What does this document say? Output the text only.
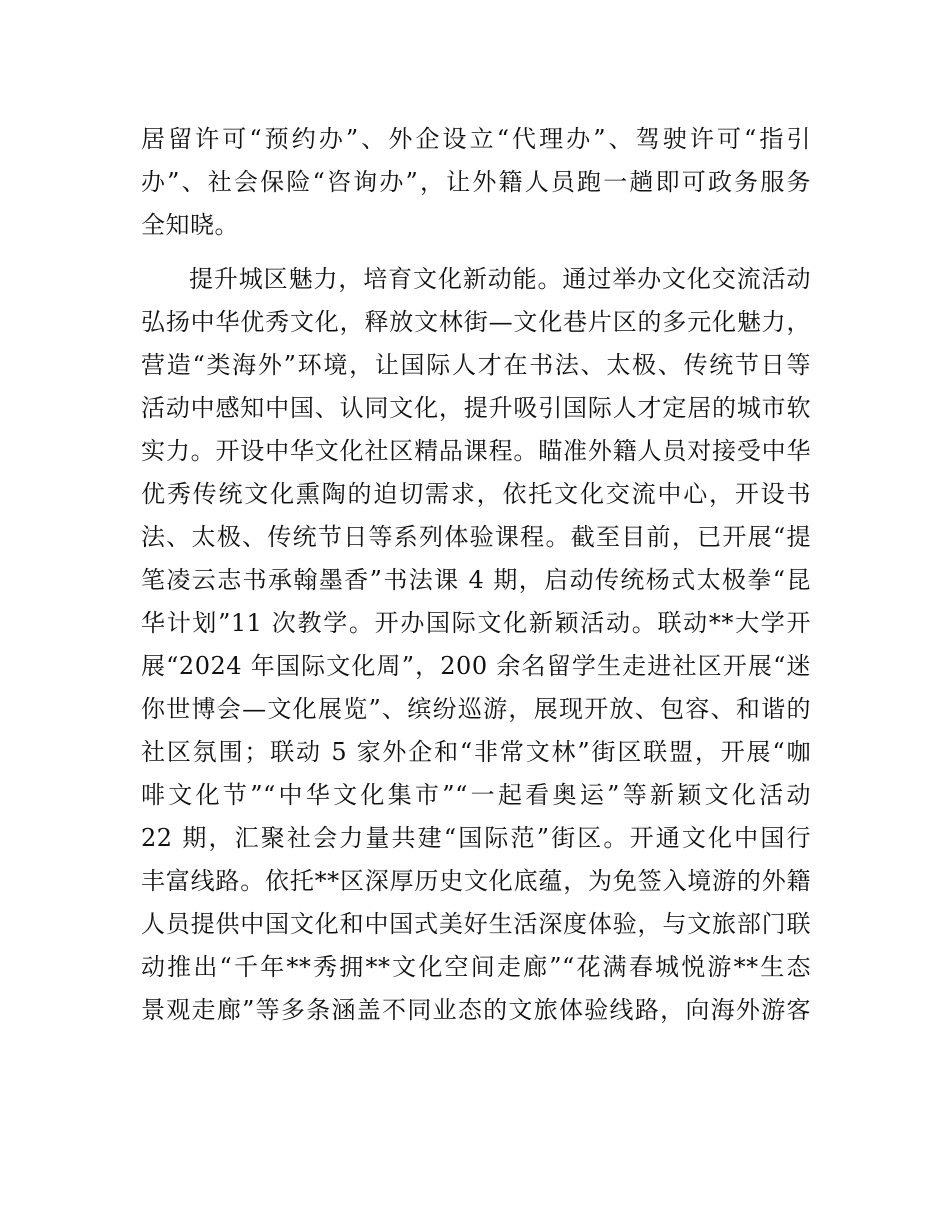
居留许可“预约办”、外企设立“代理办”、驾驶许可“指引
办”、社会保险“咨询办”，让外籍人员跑一趟即可政务服务
全知晓。
提升城区魅力，培育文化新动能。通过举办文化交流活动
弘扬中华优秀文化，释放文林街—文化巷片区的多元化魅力，
营造“类海外”环境，让国际人才在书法、太极、传统节日等
活动中感知中国、认同文化，提升吸引国际人才定居的城市软
实力。开设中华文化社区精品课程。瞄准外籍人员对接受中华
优秀传统文化熏陶的迫切需求，依托文化交流中心，开设书
法、太极、传统节日等系列体验课程。截至目前，已开展“提
笔凌云志书承翰墨香”书法课 4 期，启动传统杨式太极拳“昆
华计划”11 次教学。开办国际文化新颖活动。联动**大学开
展“2024 年国际文化周”，200 余名留学生走进社区开展“迷
你世博会—文化展览”、缤纷巡游，展现开放、包容、和谐的
社区氛围；联动 5 家外企和“非常文林”街区联盟，开展“咖
啡文化节”“中华文化集市”“一起看奥运”等新颖文化活动
22 期，汇聚社会力量共建“国际范”街区。开通文化中国行
丰富线路。依托**区深厚历史文化底蕴，为免签入境游的外籍
人员提供中国文化和中国式美好生活深度体验，与文旅部门联
动推出“千年**秀拥**文化空间走廊”“花满春城悦游**生态
景观走廊”等多条涵盖不同业态的文旅体验线路，向海外游客
